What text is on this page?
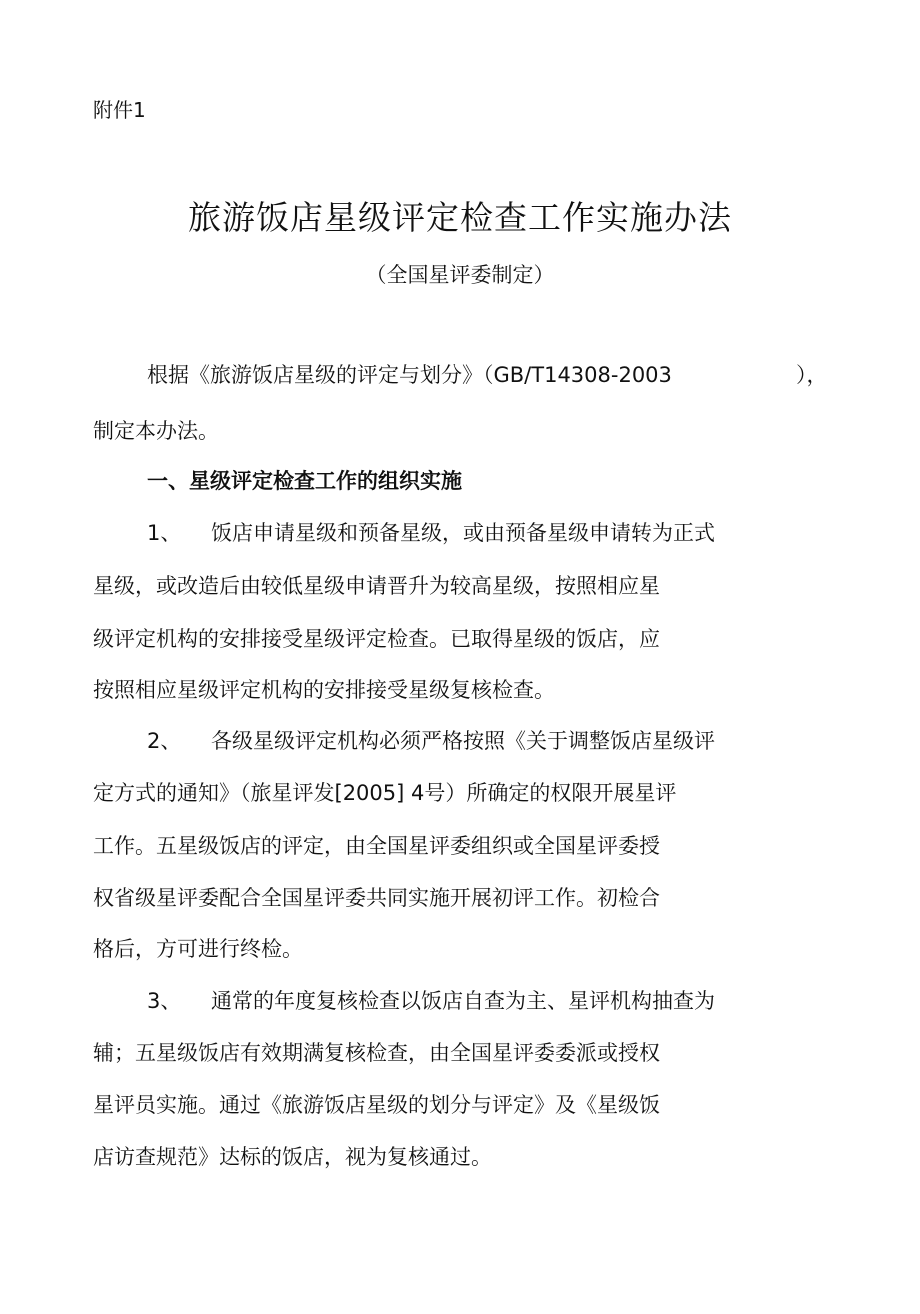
附件1
旅游饭店星级评定检查工作实施办法
（全国星评委制定）
根据《旅游饭店星级的评定与划分》（GB/T14308-2003	），
制定本办法。
一、星级评定检查工作的组织实施
1、 饭店申请星级和预备星级，或由预备星级申请转为正式
星级，或改造后由较低星级申请晋升为较高星级，按照相应星
级评定机构的安排接受星级评定检查。已取得星级的饭店，应
按照相应星级评定机构的安排接受星级复核检查。
2、 各级星级评定机构必须严格按照《关于调整饭店星级评
定方式的通知》（旅星评发[2005] 4号）所确定的权限开展星评
工作。五星级饭店的评定，由全国星评委组织或全国星评委授
权省级星评委配合全国星评委共同实施开展初评工作。初检合
格后，方可进行终检。
3、 通常的年度复核检查以饭店自查为主、星评机构抽查为
辅；五星级饭店有效期满复核检查，由全国星评委委派或授权
星评员实施。通过《旅游饭店星级的划分与评定》及《星级饭
店访查规范》达标的饭店，视为复核通过。
